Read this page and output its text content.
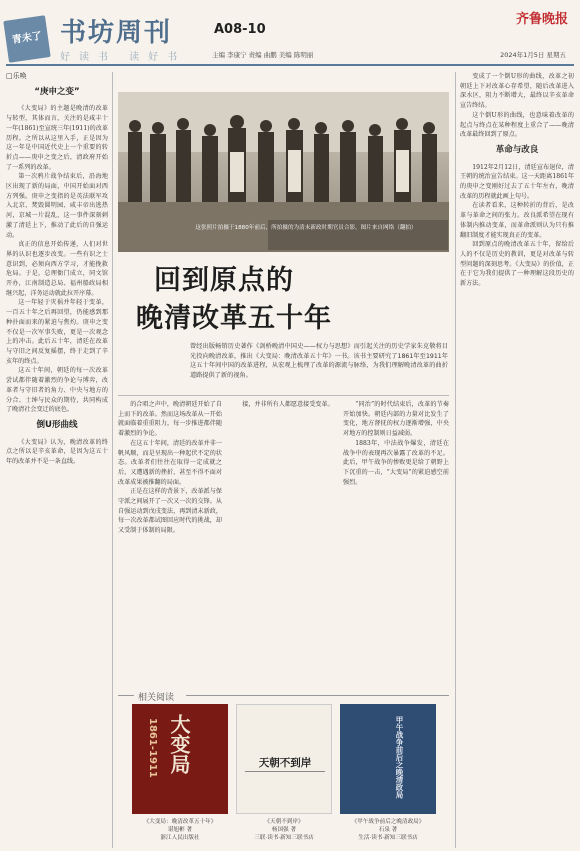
青未了 书坊周刊	A08-10
好读书 读好书	主编 李康宁 责编 曲鹏 美编 陈明丽
齐鲁晚报
2024年1月5日 星期五
□乐唤
“庚申之变”

《大变局》的主题是晚清的改革与转型，其体而言，关注的是咸丰十一年(1861)至宣统三年(1911)的改革历程。之所以从这里入手，正是因为这一年是中国近代史上一个重要的转折点——庚申之变之后，清政府开始了一系列的改革。

第一次鸦片战争结束后，沿海地区出现了新的局面，中国开始面对西方列强。庚申之变指的是英法联军攻入北京、焚毁圆明园、咸丰帝出逃热河，京城一片混乱，这一事件深刻刺激了清廷上下，推动了此后的自强运动。

真正的信息开始传递，人们对世界的认识也逐步改变。一些有识之士意识到，必须向西方学习，才能挽救危局。于是，总理衙门成立，同文馆开办，江南制造总局、福州船政局相继兴起，洋务运动就此拉开序幕。

这一年轻于灾祸并年轻于变革，一百五十年之后再回望，仍能感到那种扑面而来的紧迫与焦灼。庚申之变不仅是一次军事失败，更是一次观念上的冲击。此后五十年，清廷在改革与守旧之间反复摇摆，终于走到了辛亥年的终点。

这五十年间，朝廷的每一次改革尝试都伴随着激烈的争论与博弈，改革者与守旧者的角力、中央与地方的分合、士绅与民众的期待，共同构成了晚清社会变迁的底色。

倒U形曲线

《大变局》认为，晚清改革的终点之所以是辛亥革命，是因为这五十年的改革并不是一条直线。

这张照片拍摄于1880年前后，所拍摄的为清末新政时期官员合影，图片来自网络（翻拍）
回到原点的
晚清改革五十年
曾经出版畅销历史著作《剑桥晚清中国史——权力与思想》而引起关注的历史学家朱克敬将目光投向晚清改革，推出《大变局：晚清改革五十年》一书。该书主要研究了1861年至1911年这五十年间中国的改革进程，从宏观上梳理了改革的源流与脉络，为我们理解晚清改革的曲折道路提供了新的视角。

的合唱之声中，晚清朝廷开始了自上而下的改革。然而这场改革从一开始就面临着重重阻力，每一步推进都伴随着激烈的争论。

在这五十年间，清廷的改革并非一帆风顺，而是呈现出一种起伏不定的状态。改革者们往往在取得一定成就之后，又遭遇新的挫折，甚至不得不面对改革成果被推翻的局面。

正是在这样的背景下，改革派与保守派之间展开了一次又一次的交锋。从自强运动到戊戌变法，再到清末新政，每一次改革都试图回应时代的挑战，却又受制于体制的局限。

接，并非所有人都愿意接受变革。	“同治”的时代结束后，改革的节奏开始加快。朝廷内部的力量对比发生了变化，地方督抚的权力逐渐增强，中央对地方的控制则日益减弱。

1883年，中法战争爆发，清廷在战争中的表现再次暴露了改革的不足。此后，甲午战争的惨败更是给了朝野上下沉重的一击，“大变局”的紧迫感空前强烈。

相关阅读
大变局
1861-1911
《大变局：晚清改革五十年》
谌旭彬 著
浙江人民出版社
天朝不到岸
《天朝不到岸》
杨国强 著
三联·读书·新知三联书店
甲午战争前后之晚清政局
《甲午战争前后之晚清政局》
石泉 著
生活·读书·新知三联书店

变成了一个倒U形的曲线，改革之初朝廷上下对改革心存希望，随后改革进入深水区，阻力不断增大，最终以辛亥革命宣告终结。

这个倒U形的曲线，也意味着改革的起点与终点在某种程度上重合了——晚清改革最终回到了原点。

革命与改良

1912年2月12日，清廷宣布退位，清王朝的统治宣告结束。这一天距离1861年的庚申之变刚好过去了五十年左右，晚清改革的历程就此画上句号。

在读者看来，这种转折的背后，是改革与革命之间的张力。改良派希望在现有体制内推动变革，而革命派则认为只有推翻旧制度才能实现真正的变革。

回到原点的晚清改革五十年，留给后人的不仅是历史的教训，更是对改革与转型问题的深刻思考。《大变局》的价值，正在于它为我们提供了一种理解这段历史的新方法。
